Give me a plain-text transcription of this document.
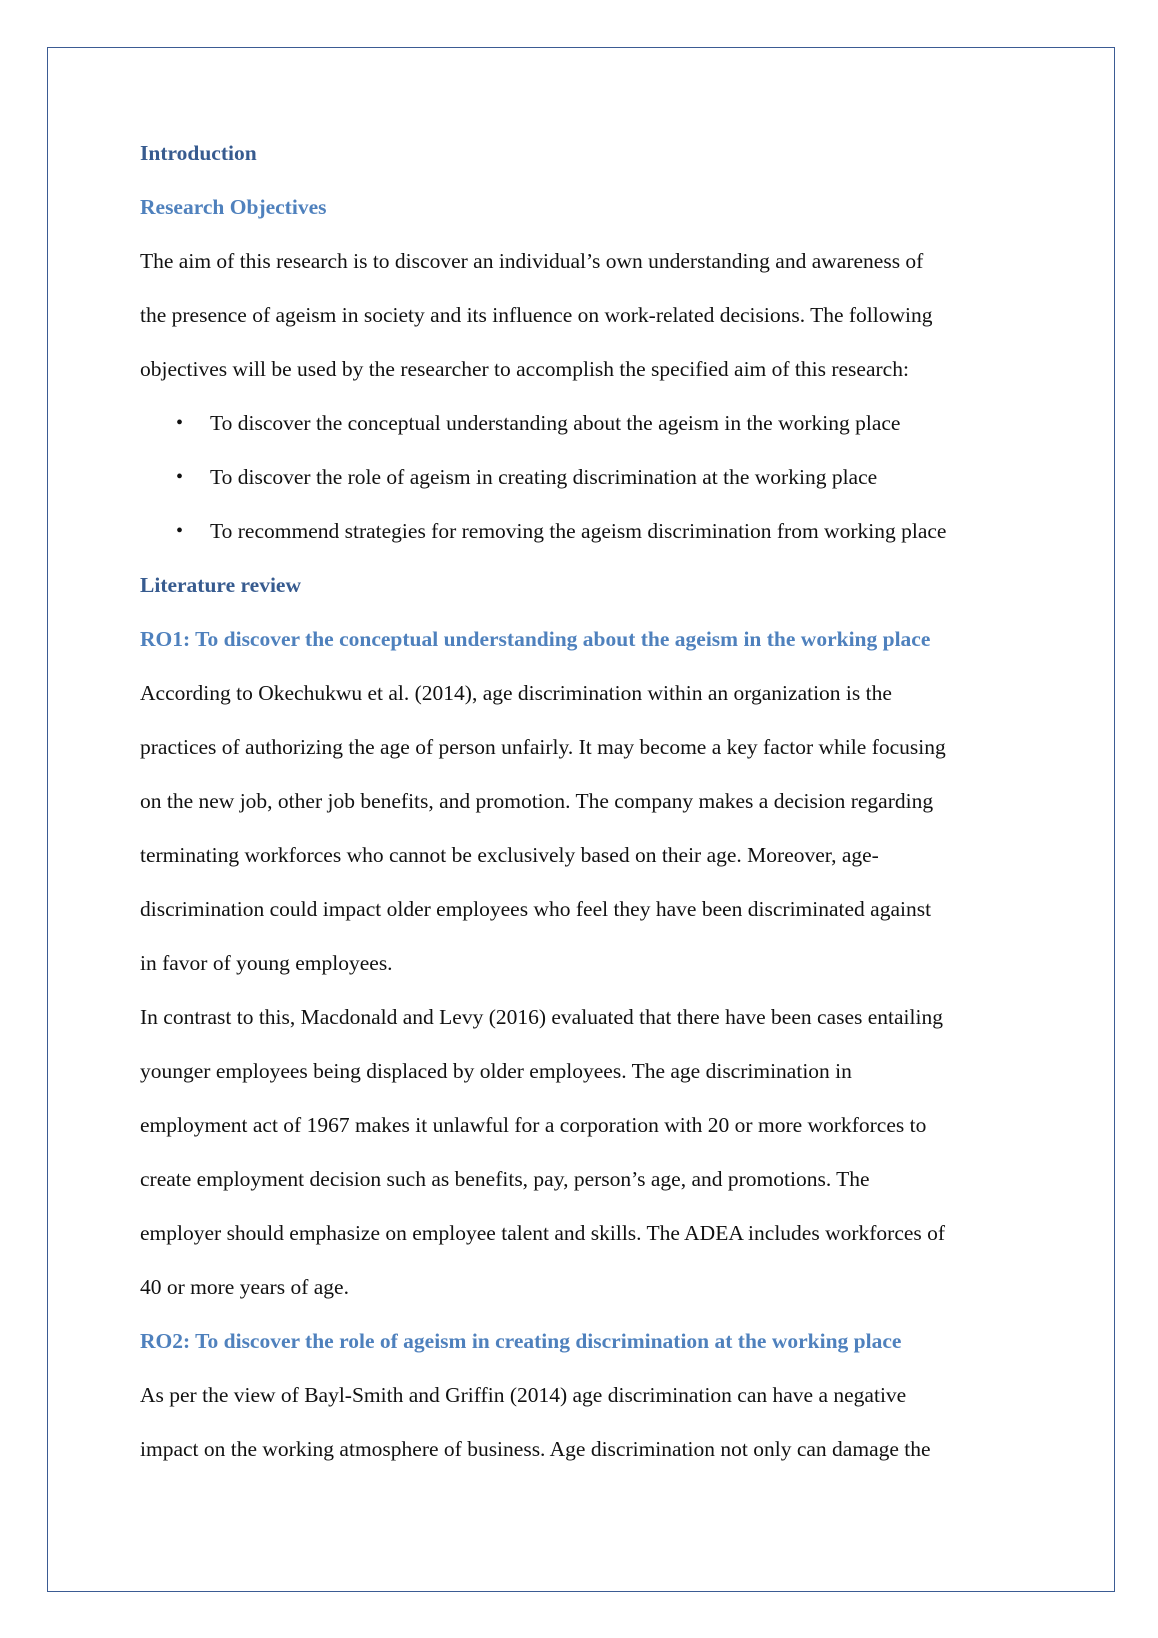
Introduction
Research Objectives
The aim of this research is to discover an individual’s own understanding and awareness of
the presence of ageism in society and its influence on work-related decisions. The following
objectives will be used by the researcher to accomplish the specified aim of this research:
• To discover the conceptual understanding about the ageism in the working place
• To discover the role of ageism in creating discrimination at the working place
• To recommend strategies for removing the ageism discrimination from working place
Literature review
RO1: To discover the conceptual understanding about the ageism in the working place
According to Okechukwu et al. (2014), age discrimination within an organization is the
practices of authorizing the age of person unfairly. It may become a key factor while focusing
on the new job, other job benefits, and promotion. The company makes a decision regarding
terminating workforces who cannot be exclusively based on their age. Moreover, age-
discrimination could impact older employees who feel they have been discriminated against
in favor of young employees.
In contrast to this, Macdonald and Levy (2016) evaluated that there have been cases entailing
younger employees being displaced by older employees. The age discrimination in
employment act of 1967 makes it unlawful for a corporation with 20 or more workforces to
create employment decision such as benefits, pay, person’s age, and promotions. The
employer should emphasize on employee talent and skills. The ADEA includes workforces of
40 or more years of age.
RO2: To discover the role of ageism in creating discrimination at the working place
As per the view of Bayl-Smith and Griffin (2014) age discrimination can have a negative
impact on the working atmosphere of business. Age discrimination not only can damage the
